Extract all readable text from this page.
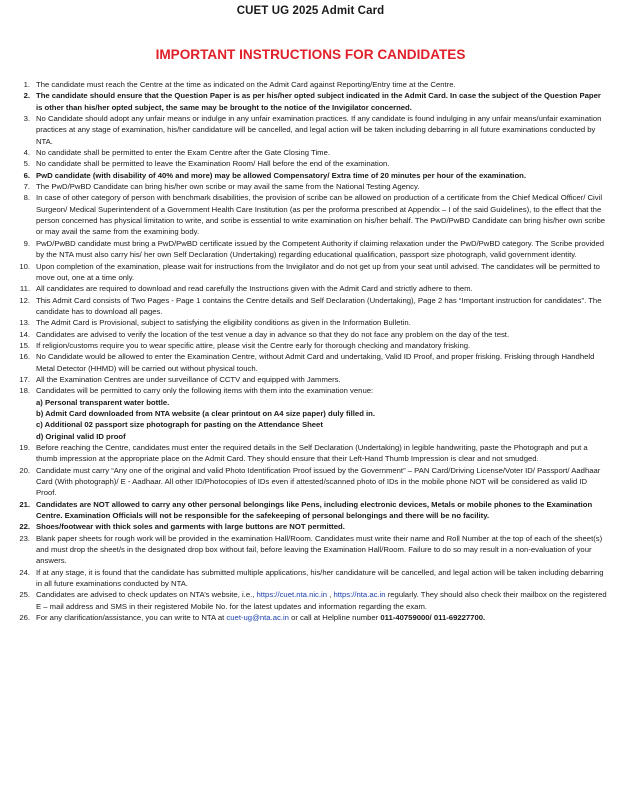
CUET UG 2025 Admit Card
IMPORTANT INSTRUCTIONS FOR CANDIDATES
1. The candidate must reach the Centre at the time as indicated on the Admit Card against Reporting/Entry time at the Centre.
2. The candidate should ensure that the Question Paper is as per his/her opted subject indicated in the Admit Card. In case the subject of the Question Paper is other than his/her opted subject, the same may be brought to the notice of the Invigilator concerned.
3. No Candidate should adopt any unfair means or indulge in any unfair examination practices. If any candidate is found indulging in any unfair means/unfair examination practices at any stage of examination, his/her candidature will be cancelled, and legal action will be taken including debarring in all future examinations conducted by NTA.
4. No candidate shall be permitted to enter the Exam Centre after the Gate Closing Time.
5. No candidate shall be permitted to leave the Examination Room/ Hall before the end of the examination.
6. PwD candidate (with disability of 40% and more) may be allowed Compensatory/ Extra time of 20 minutes per hour of the examination.
7. The PwD/PwBD Candidate can bring his/her own scribe or may avail the same from the National Testing Agency.
8. In case of other category of person with benchmark disabilities, the provision of scribe can be allowed on production of a certificate from the Chief Medical Officer/ Civil Surgeon/ Medical Superintendent of a Government Health Care Institution (as per the proforma prescribed at Appendix – I of the said Guidelines), to the effect that the person concerned has physical limitation to write, and scribe is essential to write examination on his/her behalf. The PwD/PwBD Candidate can bring his/her own scribe or may avail the same from the examining body.
9. PwD/PwBD candidate must bring a PwD/PwBD certificate issued by the Competent Authority if claiming relaxation under the PwD/PwBD category. The Scribe provided by the NTA must also carry his/ her own Self Declaration (Undertaking) regarding educational qualification, passport size photograph, valid government identity.
10. Upon completion of the examination, please wait for instructions from the Invigilator and do not get up from your seat until advised. The candidates will be permitted to move out, one at a time only.
11. All candidates are required to download and read carefully the Instructions given with the Admit Card and strictly adhere to them.
12. This Admit Card consists of Two Pages - Page 1 contains the Centre details and Self Declaration (Undertaking), Page 2 has “Important instruction for candidates”. The candidate has to download all pages.
13. The Admit Card is Provisional, subject to satisfying the eligibility conditions as given in the Information Bulletin.
14. Candidates are advised to verify the location of the test venue a day in advance so that they do not face any problem on the day of the test.
15. If religion/customs require you to wear specific attire, please visit the Centre early for thorough checking and mandatory frisking.
16. No Candidate would be allowed to enter the Examination Centre, without Admit Card and undertaking, Valid ID Proof, and proper frisking. Frisking through Handheld Metal Detector (HHMD) will be carried out without physical touch.
17. All the Examination Centres are under surveillance of CCTV and equipped with Jammers.
18. Candidates will be permitted to carry only the following items with them into the examination venue:
a) Personal transparent water bottle.
b) Admit Card downloaded from NTA website (a clear printout on A4 size paper) duly filled in.
c) Additional 02 passport size photograph for pasting on the Attendance Sheet
d) Original valid ID proof
19. Before reaching the Centre, candidates must enter the required details in the Self Declaration (Undertaking) in legible handwriting, paste the Photograph and put a thumb impression at the appropriate place on the Admit Card. They should ensure that their Left-Hand Thumb Impression is clear and not smudged.
20. Candidate must carry “Any one of the original and valid Photo Identification Proof issued by the Government” – PAN Card/Driving License/Voter ID/ Passport/ Aadhaar Card (With photograph)/ E - Aadhaar. All other ID/Photocopies of IDs even if attested/scanned photo of IDs in the mobile phone NOT will be considered as valid ID Proof.
21. Candidates are NOT allowed to carry any other personal belongings like Pens, including electronic devices, Metals or mobile phones to the Examination Centre. Examination Officials will not be responsible for the safekeeping of personal belongings and there will be no facility.
22. Shoes/footwear with thick soles and garments with large buttons are NOT permitted.
23. Blank paper sheets for rough work will be provided in the examination Hall/Room. Candidates must write their name and Roll Number at the top of each of the sheet(s) and must drop the sheet/s in the designated drop box without fail, before leaving the Examination Hall/Room. Failure to do so may result in a non-evaluation of your answers.
24. If at any stage, it is found that the candidate has submitted multiple applications, his/her candidature will be cancelled, and legal action will be taken including debarring in all future examinations conducted by NTA.
25. Candidates are advised to check updates on NTA’s website, i.e., https://cuet.nta.nic.in , https://nta.ac.in regularly. They should also check their mailbox on the registered E – mail address and SMS in their registered Mobile No. for the latest updates and information regarding the exam.
26. For any clarification/assistance, you can write to NTA at cuet-ug@nta.ac.in or call at Helpline number 011-40759000/ 011-69227700.
